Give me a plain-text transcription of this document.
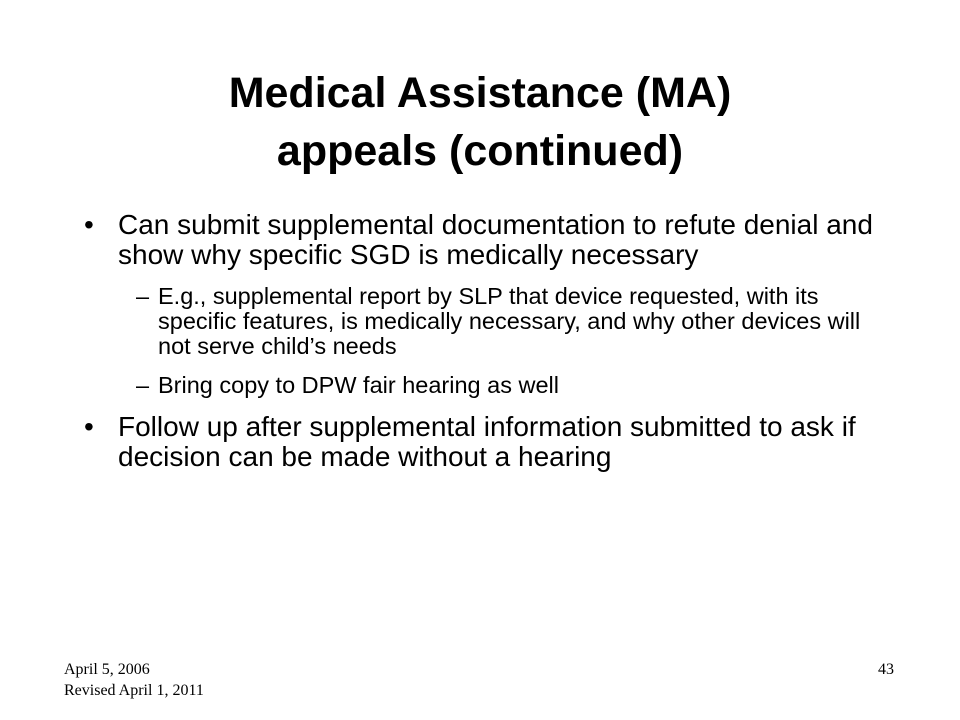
Medical Assistance (MA)
appeals (continued)
• Can submit supplemental documentation to refute denial and show why specific SGD is medically necessary
– E.g., supplemental report by SLP that device requested, with its specific features, is medically necessary, and why other devices will not serve child’s needs
– Bring copy to DPW fair hearing as well
• Follow up after supplemental information submitted to ask if decision can be made without a hearing
April 5, 2006
Revised April 1, 2011
43
